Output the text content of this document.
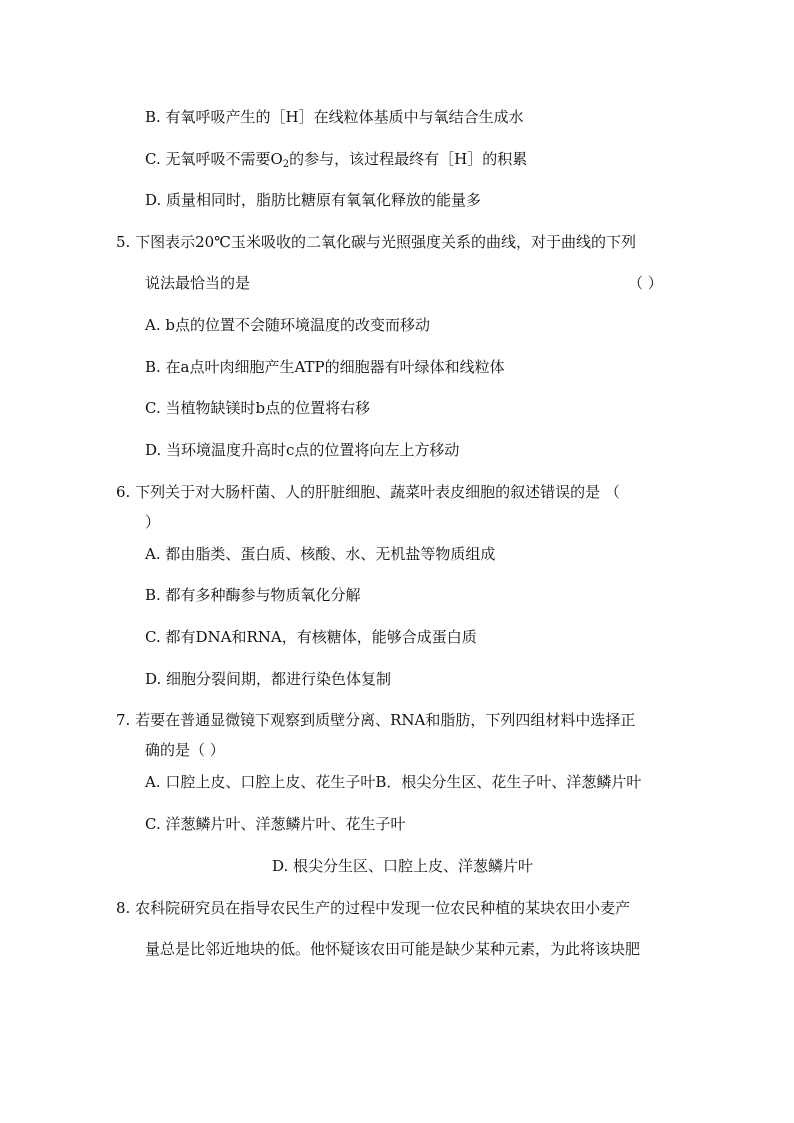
B. 有氧呼吸产生的［H］在线粒体基质中与氧结合生成水
C. 无氧呼吸不需要$O_2$的参与，该过程最终有［H］的积累
D. 质量相同时，脂肪比糖原有氧氧化释放的能量多
5. 下图表示20℃玉米吸收的二氧化碳与光照强度关系的曲线，对于曲线的下列
说法最恰当的是	（ ）
A. b点的位置不会随环境温度的改变而移动
B. 在a点叶肉细胞产生ATP的细胞器有叶绿体和线粒体
C. 当植物缺镁时b点的位置将右移
D. 当环境温度升高时c点的位置将向左上方移动
6. 下列关于对大肠杆菌、人的肝脏细胞、蔬菜叶表皮细胞的叙述错误的是 （
）
A. 都由脂类、蛋白质、核酸、水、无机盐等物质组成
B. 都有多种酶参与物质氧化分解
C. 都有DNA和RNA，有核糖体，能够合成蛋白质
D. 细胞分裂间期，都进行染色体复制
7. 若要在普通显微镜下观察到质壁分离、RNA和脂肪，下列四组材料中选择正
确的是（ ）
A. 口腔上皮、口腔上皮、花生子叶B．根尖分生区、花生子叶、洋葱鳞片叶
C. 洋葱鳞片叶、洋葱鳞片叶、花生子叶
D. 根尖分生区、口腔上皮、洋葱鳞片叶
8. 农科院研究员在指导农民生产的过程中发现一位农民种植的某块农田小麦产
量总是比邻近地块的低。他怀疑该农田可能是缺少某种元素，为此将该块肥
